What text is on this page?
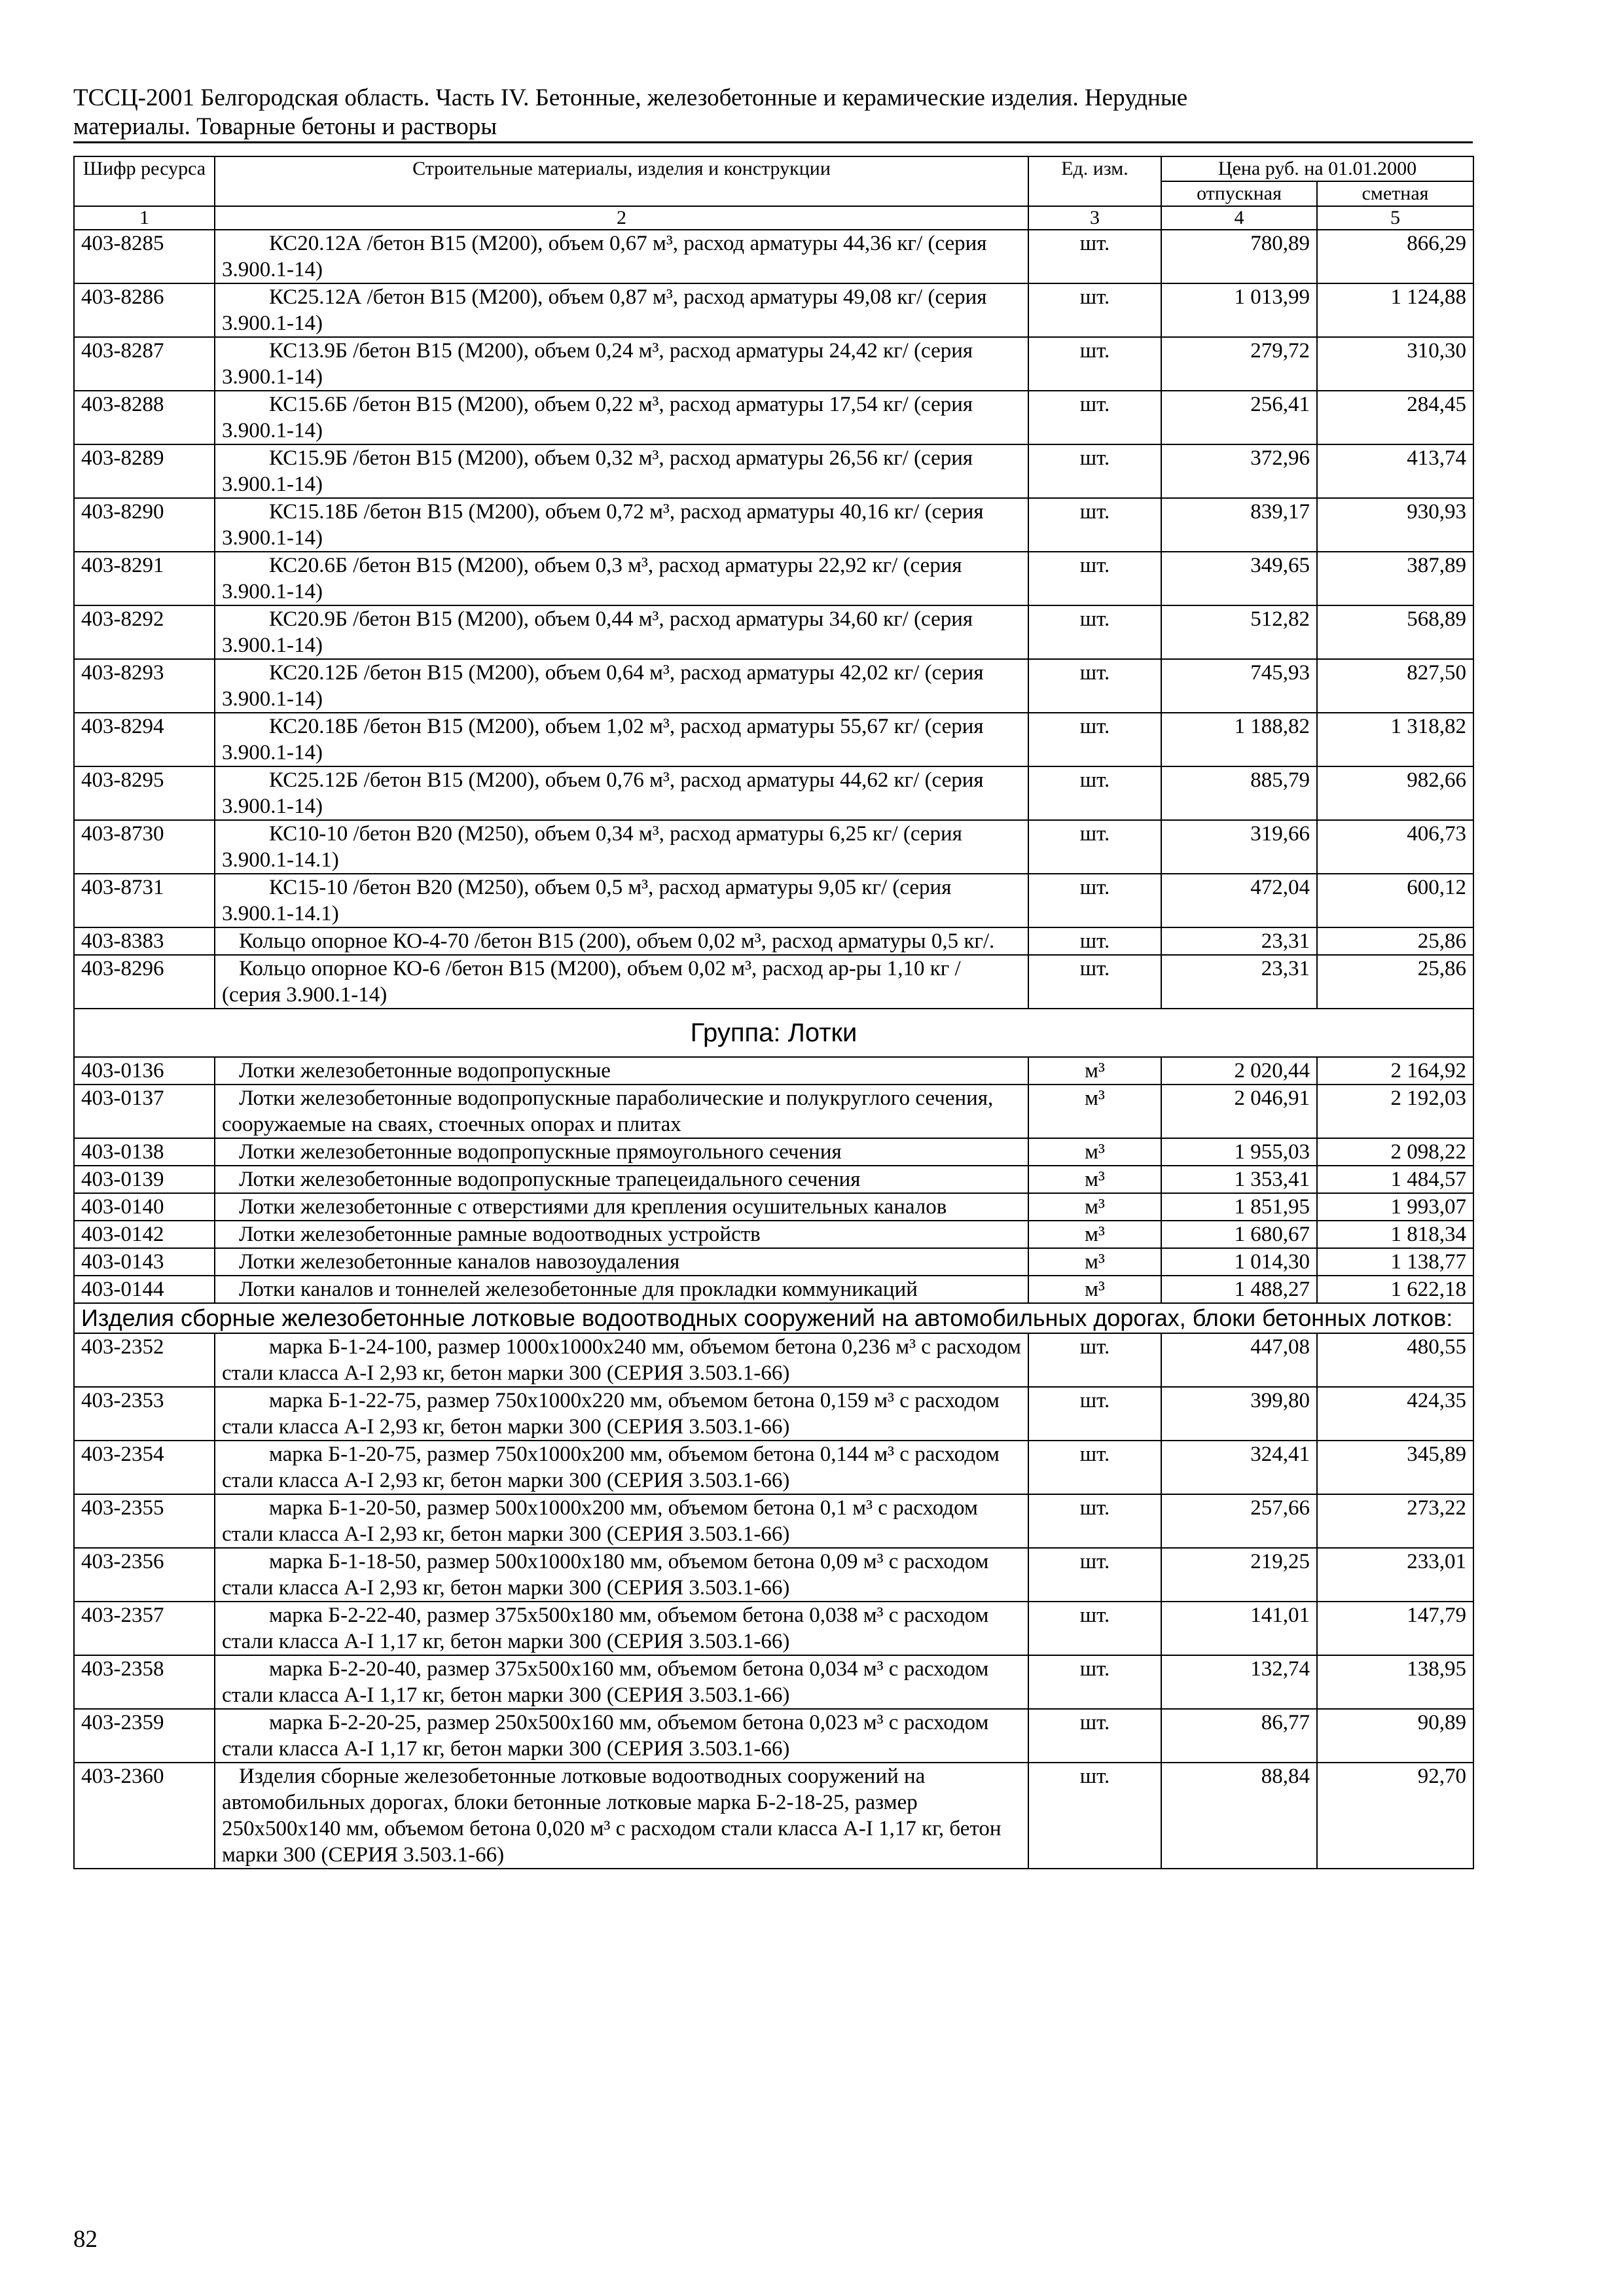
ТССЦ-2001 Белгородская область. Часть IV. Бетонные, железобетонные и керамические изделия. Нерудные
материалы. Товарные бетоны и растворы
Шифр ресурса	Строительные материалы, изделия и конструкции	Ед. изм.	Цена руб. на 01.01.2000	
			отпускная	сметная
1	2	3	4	5
403-8285	КС20.12А /бетон В15 (М200), объем 0,67 м³, расход арматуры 44,36 кг/ (серия 3.900.1-14)	шт.	780,89	866,29
403-8286	КС25.12А /бетон В15 (М200), объем 0,87 м³, расход арматуры 49,08 кг/ (серия 3.900.1-14)	шт.	1 013,99	1 124,88
403-8287	КС13.9Б /бетон В15 (М200), объем 0,24 м³, расход арматуры 24,42 кг/ (серия 3.900.1-14)	шт.	279,72	310,30
403-8288	КС15.6Б /бетон В15 (М200), объем 0,22 м³, расход арматуры 17,54 кг/ (серия 3.900.1-14)	шт.	256,41	284,45
403-8289	КС15.9Б /бетон В15 (М200), объем 0,32 м³, расход арматуры 26,56 кг/ (серия 3.900.1-14)	шт.	372,96	413,74
403-8290	КС15.18Б /бетон В15 (М200), объем 0,72 м³, расход арматуры 40,16 кг/ (серия 3.900.1-14)	шт.	839,17	930,93
403-8291	КС20.6Б /бетон В15 (М200), объем 0,3 м³, расход арматуры 22,92 кг/ (серия 3.900.1-14)	шт.	349,65	387,89
403-8292	КС20.9Б /бетон В15 (М200), объем 0,44 м³, расход арматуры 34,60 кг/ (серия 3.900.1-14)	шт.	512,82	568,89
403-8293	КС20.12Б /бетон В15 (М200), объем 0,64 м³, расход арматуры 42,02 кг/ (серия 3.900.1-14)	шт.	745,93	827,50
403-8294	КС20.18Б /бетон В15 (М200), объем 1,02 м³, расход арматуры 55,67 кг/ (серия 3.900.1-14)	шт.	1 188,82	1 318,82
403-8295	КС25.12Б /бетон В15 (М200), объем 0,76 м³, расход арматуры 44,62 кг/ (серия 3.900.1-14)	шт.	885,79	982,66
403-8730	КС10-10 /бетон В20 (М250), объем 0,34 м³, расход арматуры 6,25 кг/ (серия 3.900.1-14.1)	шт.	319,66	406,73
403-8731	КС15-10 /бетон В20 (М250), объем 0,5 м³, расход арматуры 9,05 кг/ (серия 3.900.1-14.1)	шт.	472,04	600,12
403-8383	Кольцо опорное КО-4-70 /бетон В15 (200), объем 0,02 м³, расход арматуры 0,5 кг/.	шт.	23,31	25,86
403-8296	Кольцо опорное КО-6 /бетон В15 (М200), объем 0,02 м³, расход ар-ры 1,10 кг / (серия 3.900.1-14)	шт.	23,31	25,86
Группа: Лотки				
403-0136	Лотки железобетонные водопропускные	м³	2 020,44	2 164,92
403-0137	Лотки железобетонные водопропускные параболические и полукруглого сечения, сооружаемые на сваях, стоечных опорах и плитах	м³	2 046,91	2 192,03
403-0138	Лотки железобетонные водопропускные прямоугольного сечения	м³	1 955,03	2 098,22
403-0139	Лотки железобетонные водопропускные трапецеидального сечения	м³	1 353,41	1 484,57
403-0140	Лотки железобетонные с отверстиями для крепления осушительных каналов	м³	1 851,95	1 993,07
403-0142	Лотки железобетонные рамные водоотводных устройств	м³	1 680,67	1 818,34
403-0143	Лотки железобетонные каналов навозоудаления	м³	1 014,30	1 138,77
403-0144	Лотки каналов и тоннелей железобетонные для прокладки коммуникаций	м³	1 488,27	1 622,18
Изделия сборные железобетонные лотковые водоотводных сооружений на автомобильных дорогах, блоки бетонных лотков:				
403-2352	марка Б-1-24-100, размер 1000х1000х240 мм, объемом бетона 0,236 м³ с расходом стали класса А-I 2,93 кг, бетон марки 300 (СЕРИЯ 3.503.1-66)	шт.	447,08	480,55
403-2353	марка Б-1-22-75, размер 750х1000х220 мм, объемом бетона 0,159 м³ с расходом стали класса А-I 2,93 кг, бетон марки 300 (СЕРИЯ 3.503.1-66)	шт.	399,80	424,35
403-2354	марка Б-1-20-75, размер 750х1000х200 мм, объемом бетона 0,144 м³ с расходом стали класса А-I 2,93 кг, бетон марки 300 (СЕРИЯ 3.503.1-66)	шт.	324,41	345,89
403-2355	марка Б-1-20-50, размер 500х1000х200 мм, объемом бетона 0,1 м³ с расходом стали класса А-I 2,93 кг, бетон марки 300 (СЕРИЯ 3.503.1-66)	шт.	257,66	273,22
403-2356	марка Б-1-18-50, размер 500х1000х180 мм, объемом бетона 0,09 м³ с расходом стали класса А-I 2,93 кг, бетон марки 300 (СЕРИЯ 3.503.1-66)	шт.	219,25	233,01
403-2357	марка Б-2-22-40, размер 375х500х180 мм, объемом бетона 0,038 м³ с расходом стали класса А-I 1,17 кг, бетон марки 300 (СЕРИЯ 3.503.1-66)	шт.	141,01	147,79
403-2358	марка Б-2-20-40, размер 375х500х160 мм, объемом бетона 0,034 м³ с расходом стали класса А-I 1,17 кг, бетон марки 300 (СЕРИЯ 3.503.1-66)	шт.	132,74	138,95
403-2359	марка Б-2-20-25, размер 250х500х160 мм, объемом бетона 0,023 м³ с расходом стали класса А-I 1,17 кг, бетон марки 300 (СЕРИЯ 3.503.1-66)	шт.	86,77	90,89
403-2360	Изделия сборные железобетонные лотковые водоотводных сооружений на автомобильных дорогах, блоки бетонные лотковые марка Б-2-18-25, размер 250х500х140 мм, объемом бетона 0,020 м³ с расходом стали класса А-I 1,17 кг, бетон марки 300 (СЕРИЯ 3.503.1-66)	шт.	88,84	92,70
82
